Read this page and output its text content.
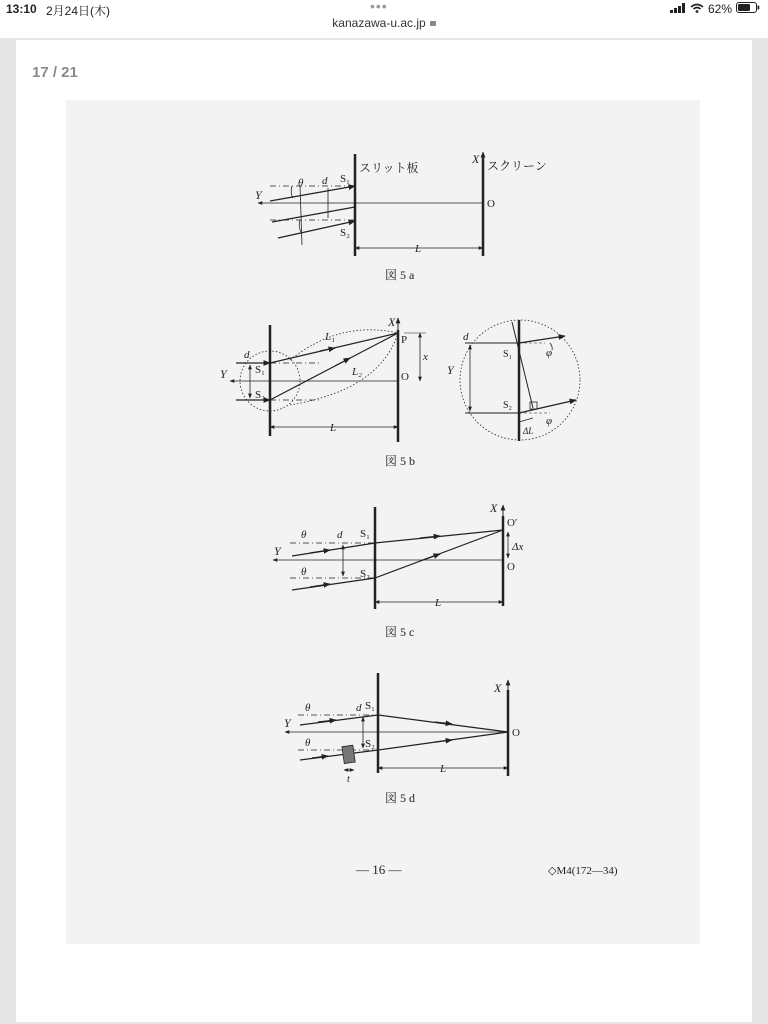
13:10 2月24日(木)	•••	62%
kanazawa-u.ac.jp
17 / 21
スリット板	スクリーン
X
Y
θ d S₁
S₂
O
L
図 5 a
X
Y
d
S₁
S₂
P
O
x
L₁
L₂
L
d
Y
S₁
S₂
φ
φ
ΔL
図 5 b
X
Y
θ
θ
d S₁
S₂
O′
Δx
O
L
図 5 c
X
Y
θ
θ
d S₁
S₂
O
t
L
図 5 d
— 16 —	◇M4(172—34)
